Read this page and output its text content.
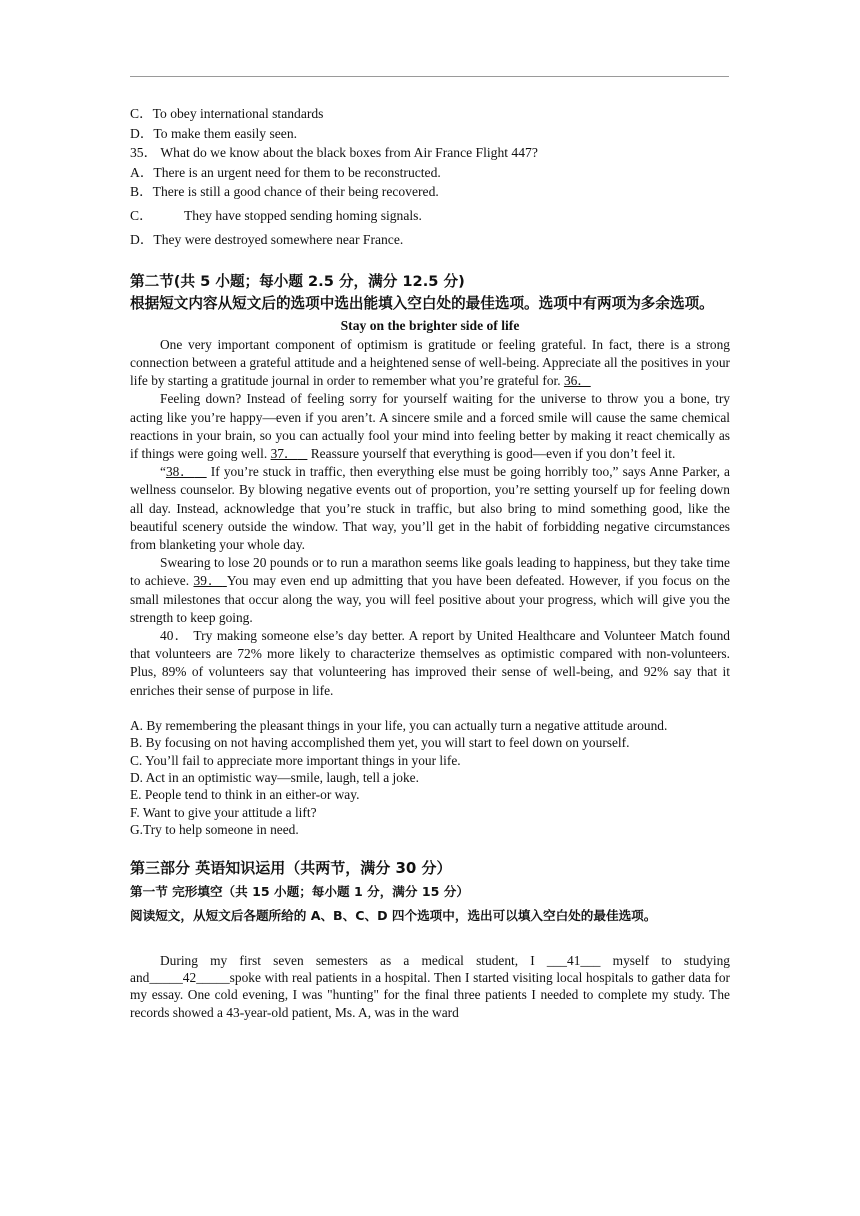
C．To obey international standards

D．To make them easily seen.

35． What do we know about the black boxes from Air France Flight 447?

A．There is an urgent need for them to be reconstructed.

B．There is still a good chance of their being recovered.

C． They have stopped sending homing signals.

D．They were destroyed somewhere near France.

第二节(共 5 小题；每小题 2.5 分，满分 12.5 分)

根据短文内容从短文后的选项中选出能填入空白处的最佳选项。选项中有两项为多余选项。

Stay on the brighter side of life

One very important component of optimism is gratitude or feeling grateful. In fact, there is a strong connection between a grateful attitude and a heightened sense of well-being. Appreciate all the positives in your life by starting a gratitude journal in order to remember what you’re grateful for. 36．

Feeling down? Instead of feeling sorry for yourself waiting for the universe to throw you a bone, try acting like you’re happy—even if you aren’t. A sincere smile and a forced smile will cause the same chemical reactions in your brain, so you can actually fool your mind into feeling better by making it react chemically as if things were going well. 37．    Reassure yourself that everything is good—even if you don’t feel it.

“38．    If you’re stuck in traffic, then everything else must be going horribly too,” says Anne Parker, a wellness counselor. By blowing negative events out of proportion, you’re setting yourself up for feeling down all day. Instead, acknowledge that you’re stuck in traffic, but also bring to mind something good, like the beautiful scenery outside the window. That way, you’ll get in the habit of forbidding negative circumstances from blanketing your whole day.

Swearing to lose 20 pounds or to run a marathon seems like goals leading to happiness, but they take time to achieve. 39． You may even end up admitting that you have been defeated. However, if you focus on the small milestones that occur along the way, you will feel positive about your progress, which will give you the strength to keep going.

40． Try making someone else’s day better. A report by United Healthcare and Volunteer Match found that volunteers are 72% more likely to characterize themselves as optimistic compared with non-volunteers. Plus, 89% of volunteers say that volunteering has improved their sense of well-being, and 92% say that it enriches their sense of purpose in life.

A. By remembering the pleasant things in your life, you can actually turn a negative attitude around.

B. By focusing on not having accomplished them yet, you will start to feel down on yourself.

C. You’ll fail to appreciate more important things in your life.

D. Act in an optimistic way—smile, laugh, tell a joke.

E. People tend to think in an either-or way.

F. Want to give your attitude a lift?

G.Try to help someone in need.

第三部分 英语知识运用（共两节，满分 30 分）

第一节 完形填空（共 15 小题；每小题 1 分，满分 15 分）

阅读短文，从短文后各题所给的 A、B、C、D 四个选项中，选出可以填入空白处的最佳选项。

During my first seven semesters as a medical student, I ___41___ myself to studying and_____42_____spoke with real patients in a hospital. Then I started visiting local hospitals to gather data for my essay. One cold evening, I was "hunting" for the final three patients I needed to complete my study. The records showed a 43-year-old patient, Ms. A, was in the ward
